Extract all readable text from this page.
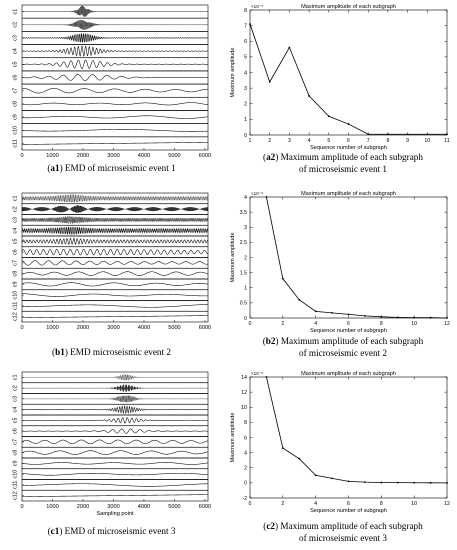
c1
c2
c3
c4
c5
c6
c7
c8
c9
c10
c11
0	1000	2000	3000	4000	5000	6000
c1
c2
c3
c4
c5
c6
c7
c8
c9
c10
c11
c12
0	1000	2000	3000	4000	5000	6000
c1
c2
c3
c4
c5
c6
c7
c8
c9
c10
c11
c12
0	1000	2000	3000	4000	5000	6000
Sampling point
0
1
2
3
4
5
6
7
8
1	2	3	4	5	6	7	8	9	10	11
Maximum amplitude of each subgraph
×10⁻⁶
Sequence number of subgraph
Maximum amplitude
0
0.5
1
1.5
2
2.5
3
3.5
4
0	2	4	6	8	10	12
Maximum amplitude of each subgraph
×10⁻⁶
Sequence number of subgraph
Maximum amplitude
-2
0
2
4
6
8
10
12
14
0	2	4	6	8	10	12
Maximum amplitude of each subgraph
×10⁻⁶
Sequence number of subgraph
Maximum amplitude
(a1) EMD of microseismic event 1
(a2) Maximum amplitude of each subgraph
of microseismic event 1
(b1) EMD microseismic event 2
(b2) Maximum amplitude of each subgraph
of microseismic event 2
(c1) EMD of microseismic event 3	(c2) Maximum amplitude of each subgraph
of microseismic event 3
